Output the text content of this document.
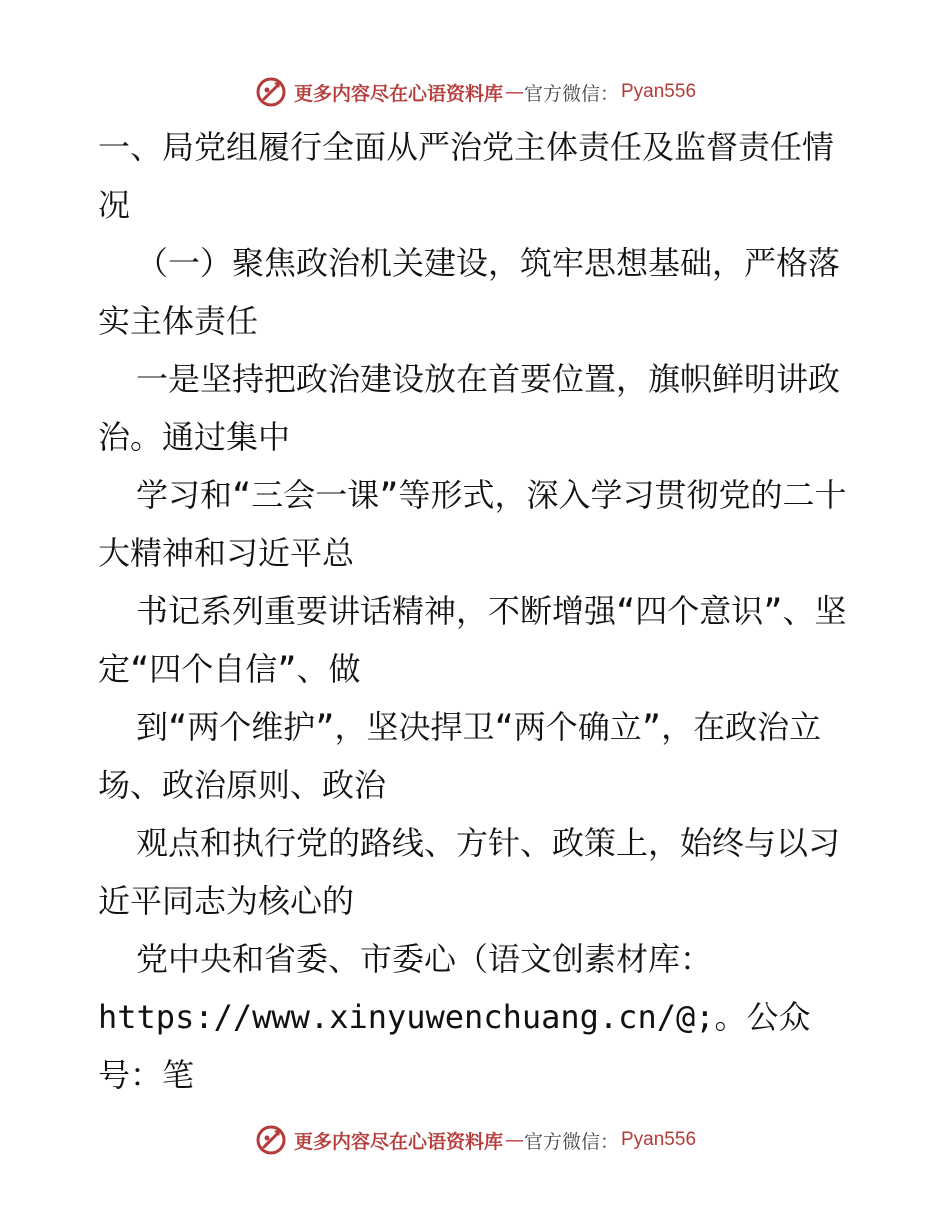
更多内容尽在心语资料库 — 官方微信： Pyan556

一、局党组履行全面从严治党主体责任及监督责任情况

（一）聚焦政治机关建设，筑牢思想基础，严格落实主体责任

一是坚持把政治建设放在首要位置，旗帜鲜明讲政治。通过集中

学习和“三会一课”等形式，深入学习贯彻党的二十大精神和习近平总

书记系列重要讲话精神，不断增强“四个意识”、坚定“四个自信”、做

到“两个维护”，坚决捍卫“两个确立”，在政治立场、政治原则、政治

观点和执行党的路线、方针、政策上，始终与以习近平同志为核心的

党中央和省委、市委心（语文创素材库：

https://www.xinyuwenchuang.cn/@;。公众号：笔

更多内容尽在心语资料库 — 官方微信： Pyan556
